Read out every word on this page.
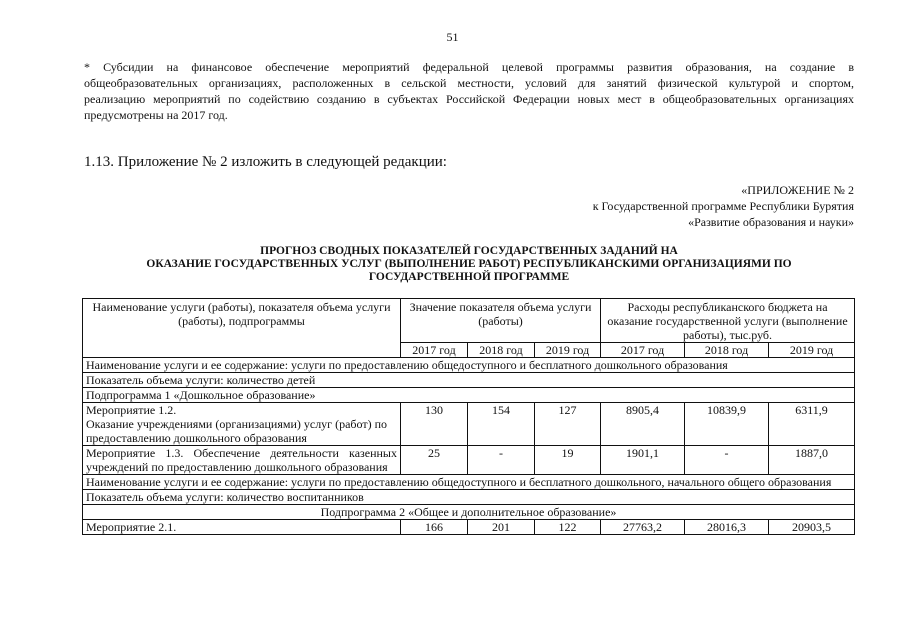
51

* Субсидии на финансовое обеспечение мероприятий федеральной целевой программы развития образования, на создание в

общеобразовательных организациях, расположенных в сельской местности, условий для занятий физической культурой и спортом,

реализацию мероприятий по содействию созданию в субъектах Российской Федерации новых мест в общеобразовательных организациях

предусмотрены на 2017 год.

1.13. Приложение № 2 изложить в следующей редакции:
«ПРИЛОЖЕНИЕ № 2
к Государственной программе Республики Бурятия
«Развитие образования и науки»
ПРОГНОЗ СВОДНЫХ ПОКАЗАТЕЛЕЙ ГОСУДАРСТВЕННЫХ ЗАДАНИЙ НА
ОКАЗАНИЕ ГОСУДАРСТВЕННЫХ УСЛУГ (ВЫПОЛНЕНИЕ РАБОТ) РЕСПУБЛИКАНСКИМИ ОРГАНИЗАЦИЯМИ ПО
ГОСУДАРСТВЕННОЙ ПРОГРАММЕ
Наименование услуги (работы), показателя объема услуги (работы), подпрограммы	Значение показателя объема услуги (работы)			Расходы республиканского бюджета на оказание государственной услуги (выполнение работы), тыс.руб.		
	2017 год	2018 год	2019 год	2017 год	2018 год	2019 год
Наименование услуги и ее содержание: услуги по предоставлению общедоступного и бесплатного дошкольного образования						
Показатель объема услуги: количество детей						
Подпрограмма 1 «Дошкольное образование»						

Мероприятие 1.2.
Оказание учреждениями (организациями) услуг (работ) по предоставлению дошкольного образования	130	154	127	8905,4	10839,9	6311,9
Мероприятие 1.3. Обеспечение деятельности казенных учреждений по предоставлению дошкольного образования	25	-	19	1901,1	-	1887,0
Наименование услуги и ее содержание: услуги по предоставлению общедоступного и бесплатного дошкольного, начального общего образования						
Показатель объема услуги: количество воспитанников						
Подпрограмма 2 «Общее и дополнительное образование»						
Мероприятие 2.1.	166	201	122	27763,2	28016,3	20903,5
